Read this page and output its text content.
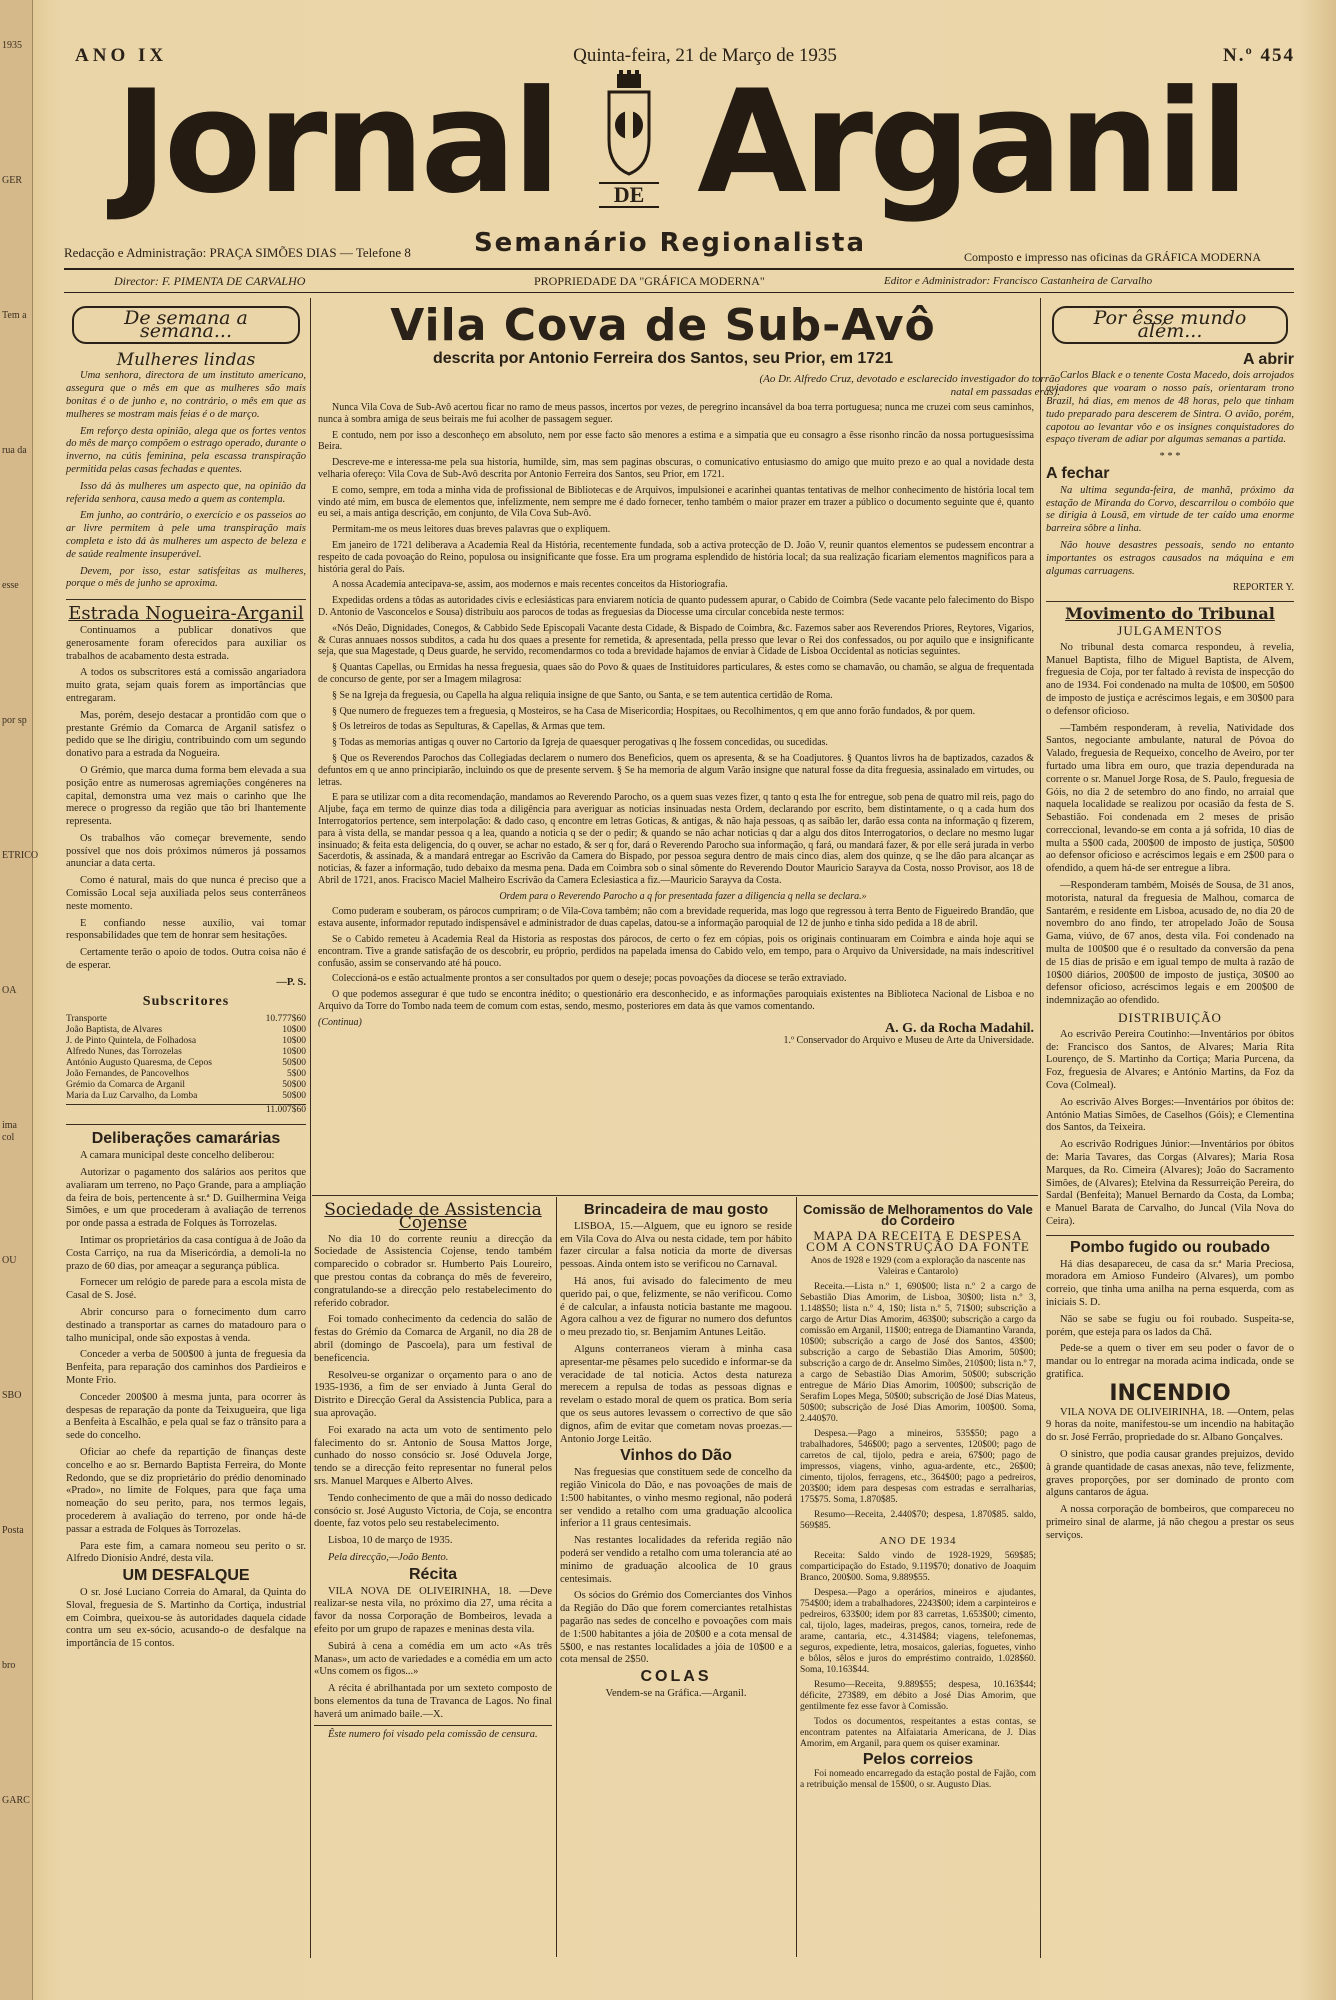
1935
GER
Tem a
rua da
esse
por sp
ETRICO
OA
ima col
OU
SBO
Posta
bro
GARC
ANO IX	Quinta-feira, 21 de Março de 1935	N.º 454
Jornal	DE Arganil
Semanário Regionalista
Redacção e Administração: PRAÇA SIMÕES DIAS — Telefone 8	Composto e impresso nas oficinas da GRÁFICA MODERNA
Director: F. PIMENTA DE CARVALHO	PROPRIEDADE DA "GRÁFICA MODERNA"	Editor e Administrador: Francisco Castanheira de Carvalho
De semana a semana...
Mulheres lindas

Uma senhora, directora de um instituto americano, assegura que o mês em que as mulheres são mais bonitas é o de junho e, no contrário, o mês em que as mulheres se mostram mais feias é o de março.

Em reforço desta opinião, alega que os fortes ventos do mês de março compõem o estrago operado, durante o inverno, na cútis feminina, pela escassa transpiração permitida pelas casas fechadas e quentes.

Isso dá às mulheres um aspecto que, na opinião da referida senhora, causa medo a quem as contempla.

Em junho, ao contrário, o exercício e os passeios ao ar livre permitem à pele uma transpiração mais completa e isto dá às mulheres um aspecto de beleza e de saúde realmente insuperável.

Devem, por isso, estar satisfeitas as mulheres, porque o mês de junho se aproxima.

Estrada Nogueira-Arganil

Continuamos a publicar donativos que generosamente foram oferecidos para auxiliar os trabalhos de acabamento desta estrada.

A todos os subscritores está a comissão angariadora muito grata, sejam quais forem as importâncias que entregaram.

Mas, porém, desejo destacar a prontidão com que o prestante Grémio da Comarca de Arganil satisfez o pedido que se lhe dirigiu, contribuindo com um segundo donativo para a estrada da Nogueira.

O Grémio, que marca duma forma bem elevada a sua posição entre as numerosas agremiações congéneres na capital, demonstra uma vez mais o carinho que lhe merece o progresso da região que tão bri lhantemente representa.

Os trabalhos vão começar brevemente, sendo possível que nos dois próximos números já possamos anunciar a data certa.

Como é natural, mais do que nunca é preciso que a Comissão Local seja auxiliada pelos seus conterrâneos neste momento.

E confiando nesse auxílio, vai tomar responsabilidades que tem de honrar sem hesitações.

Certamente terão o apoio de todos. Outra coisa não é de esperar.

—P. S.
Subscritores
Transporte	10.777$60
João Baptista, de Alvares	10$00
J. de Pinto Quintela, de Folhadosa	10$00
Alfredo Nunes, das Torrozelas	10$00
António Augusto Quaresma, de Cepos	50$00
João Fernandes, de Pancovelhos	5$00
Grémio da Comarca de Arganil	50$00
Maria da Luz Carvalho, da Lomba	50$00
11.007$60
Deliberações camarárias

A camara municipal deste concelho deliberou:

Autorizar o pagamento dos salários aos peritos que avaliaram um terreno, no Paço Grande, para a ampliação da feira de bois, pertencente à sr.ª D. Guilhermina Veiga Simões, e um que procederam à avaliação de terrenos por onde passa a estrada de Folques às Torrozelas.

Intimar os proprietários da casa contígua à de João da Costa Carriço, na rua da Misericórdia, a demoli-la no prazo de 60 dias, por ameaçar a segurança pública.

Fornecer um relógio de parede para a escola mista de Casal de S. José.

Abrir concurso para o fornecimento dum carro destinado a transportar as carnes do matadouro para o talho municipal, onde são expostas à venda.

Conceder a verba de 500$00 à junta de freguesia da Benfeita, para reparação dos caminhos dos Pardieiros e Monte Frio.

Conceder 200$00 à mesma junta, para ocorrer às despesas de reparação da ponte da Teixugueira, que liga a Benfeita à Escalhão, e pela qual se faz o trânsito para a sede do concelho.

Oficiar ao chefe da repartição de finanças deste concelho e ao sr. Bernardo Baptista Ferreira, do Monte Redondo, que se diz proprietário do prédio denominado «Prado», no limite de Folques, para que faça uma nomeação do seu perito, para, nos termos legais, procederem à avaliação do terreno, por onde há-de passar a estrada de Folques às Torrozelas.

Para este fim, a camara nomeou seu perito o sr. Alfredo Dionísio André, desta vila.

UM DESFALQUE

O sr. José Luciano Correia do Amaral, da Quinta do Sloval, freguesia de S. Martinho da Cortiça, industrial em Coimbra, queixou-se às autoridades daquela cidade contra um seu ex-sócio, acusando-o de desfalque na importância de 15 contos.

Vila Cova de Sub-Avô
descrita por Antonio Ferreira dos Santos, seu Prior, em 1721
(Ao Dr. Alfredo Cruz, devotado e esclarecido investigador do torrão natal em passadas eras).

Nunca Vila Cova de Sub-Avô acertou ficar no ramo de meus passos, incertos por vezes, de peregrino incansável da boa terra portuguesa; nunca me cruzei com seus caminhos, nunca à sombra amiga de seus beirais me fui acolher de passagem seguer.

E contudo, nem por isso a desconheço em absoluto, nem por esse facto são menores a estima e a simpatia que eu consagro a êsse risonho rincão da nossa portuguesíssima Beira.

Descreve-me e interessa-me pela sua historia, humilde, sim, mas sem paginas obscuras, o comunicativo entusiasmo do amigo que muito prezo e ao qual a novidade desta velharia ofereço: Vila Cova de Sub-Avô descrita por Antonio Ferreira dos Santos, seu Prior, em 1721.

E como, sempre, em toda a minha vida de profissional de Bibliotecas e de Arquivos, impulsionei e acarinhei quantas tentativas de melhor conhecimento de história local tem vindo até mim, em busca de elementos que, infelizmente, nem sempre me é dado fornecer, tenho também o maior prazer em trazer a público o documento seguinte que é, quanto eu sei, a mais antiga descrição, em conjunto, de Vila Cova Sub-Avô.

Permitam-me os meus leitores duas breves palavras que o expliquem.

Em janeiro de 1721 deliberava a Academia Real da História, recentemente fundada, sob a activa protecção de D. João V, reunir quantos elementos se pudessem encontrar a respeito de cada povoação do Reino, populosa ou insignificante que fosse. Era um programa esplendido de história local; da sua realização ficariam elementos magnificos para a história geral do País.

A nossa Academia antecipava-se, assim, aos modernos e mais recentes conceitos da Historiografia.

Expedidas ordens a tôdas as autoridades civis e eclesiásticas para enviarem notícia de quanto pudessem apurar, o Cabido de Coimbra (Sede vacante pelo falecimento do Bispo D. Antonio de Vasconcelos e Sousa) distribuiu aos parocos de todas as freguesias da Diocesse uma circular concebida neste termos:

«Nós Deão, Dignidades, Conegos, & Cabbido Sede Episcopali Vacante desta Cidade, & Bispado de Coimbra, &c. Fazemos saber aos Reverendos Priores, Reytores, Vigarios, & Curas annuaes nossos subditos, a cada hu dos quaes a presente for remetida, & apresentada, pella presso que levar o Rei dos confessados, ou por aquilo que e insignificante seja, que sua Magestade, q Deus guarde, he servido, recomendarmos co toda a brevidade hajamos de enviar à Cidade de Lisboa Occidental as noticias seguintes.

§ Quantas Capellas, ou Ermidas ha nessa freguesia, quaes são do Povo & quaes de Instituidores particulares, & estes como se chamavão, ou chamão, se algua de frequentada de concurso de gente, por ser a Imagem milagrosa:

§ Se na Igreja da freguesia, ou Capella ha algua reliquia insigne de que Santo, ou Santa, e se tem autentica certidão de Roma.

§ Que numero de freguezes tem a freguesia, q Mosteiros, se ha Casa de Misericordia; Hospitaes, ou Recolhimentos, q em que anno forão fundados, & por quem.

§ Os letreiros de todas as Sepulturas, & Capellas, & Armas que tem.

§ Todas as memorias antigas q ouver no Cartorio da Igreja de quaesquer perogativas q lhe fossem concedidas, ou sucedidas.

§ Que os Reverendos Parochos das Collegiadas declarem o numero dos Beneficios, quem os apresenta, & se ha Coadjutores. § Quantos livros ha de baptizados, cazados & defuntos em q ue anno principiarão, incluindo os que de presente servem. § Se ha memoria de algum Varão insigne que natural fosse da dita freguesia, assinalado em virtudes, ou letras.

E para se utilizar com a dita recomendação, mandamos ao Reverendo Parocho, os a quem suas vezes fizer, q tanto q esta lhe for entregue, sob pena de quatro mil reis, pago do Aljube, faça em termo de quinze dias toda a diligência para averiguar as noticias insinuadas nesta Ordem, declarando por escrito, bem distintamente, o q a cada hum dos Interrogatorios pertence, sem interpolação: & dado caso, q encontre em letras Goticas, & antigas, & não haja pessoas, q as saibão ler, darão essa conta na informação q fizerem, para à vista della, se mandar pessoa q a lea, quando a noticia q se der o pedir; & quando se não achar noticias q dar a algu dos ditos Interrogatorios, o declare no mesmo lugar insinuado; & feita esta deligencia, do q ouver, se achar no estado, & ser q for, dará o Reverendo Parocho sua informação, q fará, ou mandará fazer, & por elle será jurada in verbo Sacerdotis, & assinada, & a mandará entregar ao Escrivão da Camera do Bispado, por pessoa segura dentro de mais cinco dias, alem dos quinze, q se lhe dão para alcançar as noticias, & fazer a informação, tudo debaixo da mesma pena. Dada em Coimbra sob o sinal sômente do Reverendo Doutor Mauricio Sarayva da Costa, nosso Provisor, aos 18 de Abril de 1721, anos. Fracisco Maciel Malheiro Escrivão da Camera Eclesiastica a fiz.—Mauricio Sarayva da Costa.

Ordem para o Reverendo Parocho a q for presentada fazer a diligencia q nella se declara.»

Como puderam e souberam, os párocos cumpriram; o de Vila-Cova também; não com a brevidade requerida, mas logo que regressou à terra Bento de Figueiredo Brandão, que estava ausente, informador reputado indispensável e administrador de duas capelas, datou-se a informação paroquial de 12 de junho e tinha sido pedida a 18 de abril.

Se o Cabido remeteu à Academia Real da Historia as respostas dos párocos, de certo o fez em cópias, pois os originais continuaram em Coimbra e ainda hoje aqui se encontram. Tive a grande satisfação de os descobrir, eu próprio, perdidos na papelada imensa do Cabido velo, em tempo, para o Arquivo da Universidade, na mais indescritível confusão, assim se conservando até há pouco.

Coleccioná-os e estão actualmente prontos a ser consultados por quem o deseje; pocas povoações da diocese se terão extraviado.

O que podemos assegurar é que tudo se encontra inédito; o questionário era desconhecido, e as informações paroquiais existentes na Biblioteca Nacional de Lisboa e no Arquivo da Torre do Tombo nada teem de comum com estas, sendo, mesmo, posteriores em data às que vamos comentando.

(Continua)	A. G. da Rocha Madahil.
1.º Conservador do Arquivo e Museu de Arte da Universidade.
Sociedade de Assistencia Cojense

No dia 10 do corrente reuniu a direcção da Sociedade de Assistencia Cojense, tendo também comparecido o cobrador sr. Humberto Pais Loureiro, que prestou contas da cobrança do mês de fevereiro, congratulando-se a direcção pelo restabelecimento do referido cobrador.

Foi tomado conhecimento da cedencia do salão de festas do Grémio da Comarca de Arganil, no dia 28 de abril (domingo de Pascoela), para um festival de beneficencia.

Resolveu-se organizar o orçamento para o ano de 1935-1936, a fim de ser enviado à Junta Geral do Distrito e Direcção Geral da Assistencia Publica, para a sua aprovação.

Foi exarado na acta um voto de sentimento pelo falecimento do sr. Antonio de Sousa Mattos Jorge, cunhado do nosso consócio sr. José Oduvela Jorge, tendo se a direcção feito representar no funeral pelos srs. Manuel Marques e Alberto Alves.

Tendo conhecimento de que a mãi do nosso dedicado consócio sr. José Augusto Victoria, de Coja, se encontra doente, faz votos pelo seu restabelecimento.

Lisboa, 10 de março de 1935.

Pela direcção,—João Bento.

Récita

VILA NOVA DE OLIVEIRINHA, 18. —Deve realizar-se nesta vila, no próximo dia 27, uma récita a favor da nossa Corporação de Bombeiros, levada a efeito por um grupo de rapazes e meninas desta vila.

Subirá à cena a comédia em um acto «As três Manas», um acto de variedades e a comédia em um acto «Uns comem os figos...»

A récita é abrilhantada por um sexteto composto de bons elementos da tuna de Travanca de Lagos. No final haverá um animado baile.—X.

Êste numero foi visado pela comissão de censura.

Brincadeira de mau gosto

LISBOA, 15.—Alguem, que eu ignoro se reside em Vila Cova do Alva ou nesta cidade, tem por hábito fazer circular a falsa noticia da morte de diversas pessoas. Ainda ontem isto se verificou no Carnaval.

Há anos, fui avisado do falecimento de meu querido pai, o que, felizmente, se não verificou. Como é de calcular, a infausta noticia bastante me magoou. Agora calhou a vez de figurar no numero dos defuntos o meu prezado tio, sr. Benjamim Antunes Leitão.

Alguns conterraneos vieram à minha casa apresentar-me pêsames pelo sucedido e informar-se da veracidade de tal noticia. Actos desta natureza merecem a repulsa de todas as pessoas dignas e revelam o estado moral de quem os pratica. Bom seria que os seus autores levassem o correctivo de que são dignos, afim de evitar que cometam novas proezas.—Antonio Jorge Leitão.

Vinhos do Dão

Nas freguesias que constituem sede de concelho da região Vinicola do Dão, e nas povoações de mais de 1:500 habitantes, o vinho mesmo regional, não poderá ser vendido a retalho com uma graduação alcoolica inferior a 11 graus centesimais.

Nas restantes localidades da referida região não poderá ser vendido a retalho com uma tolerancia até ao minimo de graduação alcoolica de 10 graus centesimais.

Os sócios do Grémio dos Comerciantes dos Vinhos da Região do Dão que forem comerciantes retalhistas pagarão nas sedes de concelho e povoações com mais de 1:500 habitantes a jóia de 20$00 e a cota mensal de 5$00, e nas restantes localidades a jóia de 10$00 e a cota mensal de 2$50.

COLAS

Vendem-se na Gráfica.—Arganil.

Comissão de Melhoramentos do Vale do Cordeiro
MAPA DA RECEITA E DESPESA COM A CONSTRUÇÃO DA FONTE

Anos de 1928 e 1929 (com a exploração da nascente nas Valeiras e Cantarolo)

Receita.—Lista n.º 1, 690$00; lista n.º 2 a cargo de Sebastião Dias Amorim, de Lisboa, 30$00; lista n.º 3, 1.148$50; lista n.º 4, 1$0; lista n.º 5, 71$00; subscrição a cargo de Artur Dias Amorim, 463$00; subscrição a cargo da comissão em Arganil, 11$00; entrega de Diamantino Varanda, 10$00; subscrição a cargo de José dos Santos, 43$00; subscrição a cargo de Sebastião Dias Amorim, 50$00; subscrição a cargo de dr. Anselmo Simões, 210$00; lista n.º 7, a cargo de Sebastião Dias Amorim, 50$00; subscrição entregue de Mário Dias Amorim, 100$00; subscrição de Serafim Lopes Mega, 50$00; subscrição de José Dias Mateus, 50$00; subscrição de José Dias Amorim, 100$00. Soma, 2.440$70.

Despesa.—Pago a mineiros, 535$50; pago a trabalhadores, 546$00; pago a serventes, 120$00; pago de carretos de cal, tijolo, pedra e areia, 67$00; pago de impressos, viagens, vinho, agua-ardente, etc., 26$00; cimento, tijolos, ferragens, etc., 364$00; pago a pedreiros, 203$00; idem para despesas com estradas e serralharias, 175$75. Soma, 1.870$85.

Resumo—Receita, 2.440$70; despesa, 1.870$85. saldo, 569$85.

ANO DE 1934

Receita: Saldo vindo de 1928-1929, 569$85; comparticipação do Estado, 9.119$70; donativo de Joaquim Branco, 200$00. Soma, 9.889$55.

Despesa.—Pago a operários, mineiros e ajudantes, 754$00; idem a trabalhadores, 2243$00; idem a carpinteiros e pedreiros, 633$00; idem por 83 carretas, 1.653$00; cimento, cal, tijolo, lages, madeiras, pregos, canos, torneira, rede de arame, cantaria, etc., 4.314$84; viagens, telefonemas, seguros, expediente, letra, mosaicos, galerias, foguetes, vinho e bôlos, sêlos e juros do empréstimo contraido, 1.028$60. Soma, 10.163$44.

Resumo—Receita, 9.889$55; despesa, 10.163$44; déficite, 273$89, em débito a José Dias Amorim, que gentilmente fez esse favor à Comissão.

Todos os documentos, respeitantes a estas contas, se encontram patentes na Alfaiataria Americana, de J. Dias Amorim, em Arganil, para quem os quiser examinar.

Pelos correios

Foi nomeado encarregado da estação postal de Fajão, com a retribuição mensal de 15$00, o sr. Augusto Dias.

Por êsse mundo além...
A abrir

Carlos Black e o tenente Costa Macedo, dois arrojados aviadores que voaram o nosso país, orientaram trono Brazil, há dias, em menos de 48 horas, pelo que tinham tudo preparado para descerem de Sintra. O avião, porém, capotou ao levantar vôo e os insignes conquistadores do espaço tiveram de adiar por algumas semanas a partida.

* * *
A fechar

Na ultima segunda-feira, de manhã, próximo da estação de Miranda do Corvo, descarrilou o combóio que se dirigia à Lousã, em virtude de ter caído uma enorme barreira sôbre a linha.

Não houve desastres pessoais, sendo no entanto importantes os estragos causados na máquina e em algumas carruagens.

REPORTER Y.
Movimento do Tribunal
JULGAMENTOS

No tribunal desta comarca respondeu, à revelia, Manuel Baptista, filho de Miguel Baptista, de Alvem, freguesia de Coja, por ter faltado à revista de inspecção do ano de 1934. Foi condenado na multa de 10$00, em 50$00 de imposto de justiça e acréscimos legais, e em 30$00 para o defensor oficioso.

—Também responderam, à revelia, Natividade dos Santos, negociante ambulante, natural de Póvoa do Valado, freguesia de Requeixo, concelho de Aveiro, por ter furtado uma libra em ouro, que trazia dependurada na corrente o sr. Manuel Jorge Rosa, de S. Paulo, freguesia de Góis, no dia 2 de setembro do ano findo, no arraial que naquela localidade se realizou por ocasião da festa de S. Sebastião. Foi condenada em 2 meses de prisão correccional, levando-se em conta a já sofrida, 10 dias de multa a 5$00 cada, 200$00 de imposto de justiça, 50$00 ao defensor oficioso e acréscimos legais e em 2$00 para o ofendido, a quem há-de ser entregue a libra.

—Responderam também, Moisés de Sousa, de 31 anos, motorista, natural da freguesia de Malhou, comarca de Santarém, e residente em Lisboa, acusado de, no dia 20 de novembro do ano findo, ter atropelado João de Sousa Gama, viúvo, de 67 anos, desta vila. Foi condenado na multa de 100$00 que é o resultado da conversão da pena de 15 dias de prisão e em igual tempo de multa à razão de 10$00 diários, 200$00 de imposto de justiça, 30$00 ao defensor oficioso, acréscimos legais e em 200$00 de indemnização ao ofendido.

DISTRIBUIÇÃO

Ao escrivão Pereira Coutinho:—Inventários por óbitos de: Francisco dos Santos, de Alvares; Maria Rita Lourenço, de S. Martinho da Cortiça; Maria Purcena, da Foz, freguesia de Alvares; e António Martins, da Foz da Cova (Colmeal).

Ao escrivão Alves Borges:—Inventários por óbitos de: António Matias Simões, de Caselhos (Góis); e Clementina dos Santos, da Teixeira.

Ao escrivão Rodrigues Júnior:—Inventários por óbitos de: Maria Tavares, das Corgas (Alvares); Maria Rosa Marques, da Ro. Cimeira (Alvares); João do Sacramento Simões, de (Alvares); Etelvina da Ressurreição Pereira, do Sardal (Benfeita); Manuel Bernardo da Costa, da Lomba; e Manuel Barata de Carvalho, do Juncal (Vila Nova do Ceira).

Pombo fugido ou roubado

Há dias desapareceu, de casa da sr.ª Maria Preciosa, moradora em Amioso Fundeiro (Alvares), um pombo correio, que tinha uma anilha na perna esquerda, com as iniciais S. D.

Não se sabe se fugiu ou foi roubado. Suspeita-se, porém, que esteja para os lados da Chã.

Pede-se a quem o tiver em seu poder o favor de o mandar ou lo entregar na morada acima indicada, onde se gratifica.

INCENDIO

VILA NOVA DE OLIVEIRINHA, 18. —Ontem, pelas 9 horas da noite, manifestou-se um incendio na habitação do sr. José Ferrão, propriedade do sr. Albano Gonçalves.

O sinistro, que podia causar grandes prejuizos, devido à grande quantidade de casas anexas, não teve, felizmente, graves proporções, por ser dominado de pronto com alguns cantaros de água.

A nossa corporação de bombeiros, que compareceu no primeiro sinal de alarme, já não chegou a prestar os seus serviços.
